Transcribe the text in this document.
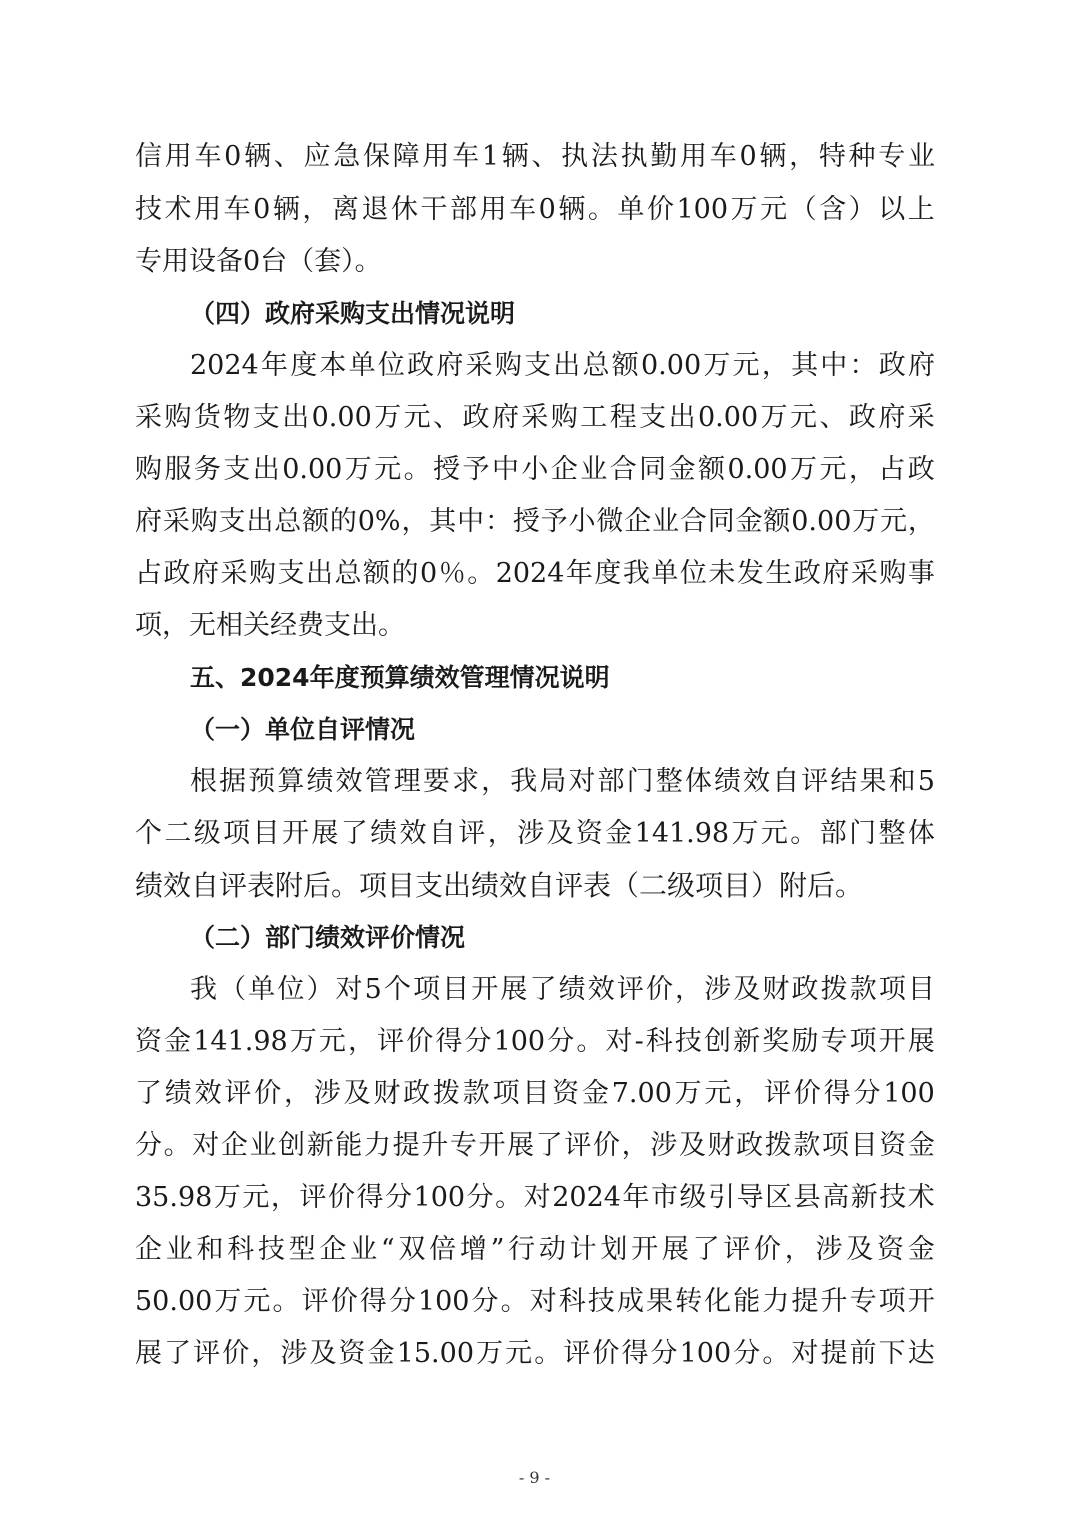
信 用 车 0 辆 、 应 急 保 障 用 车 1 辆 、 执 法 执 勤 用 车 0 辆 ， 特 种 专 业
技 术 用 车 0 辆 ， 离 退 休 干 部 用 车 0 辆 。 单 价 100 万 元 （ 含 ） 以 上
专用设备0台（套）。
（四）政府采购支出情况说明
2024 年 度 本 单 位 政 府 采 购 支 出 总 额 0.00 万 元 ， 其 中 ： 政 府
采 购 货 物 支 出 0.00 万 元 、 政 府 采 购 工 程 支 出 0.00 万 元 、 政 府 采
购 服 务 支 出 0.00 万 元 。 授 予 中 小 企 业 合 同 金 额 0.00 万 元 ， 占 政
府 采 购 支 出 总 额 的 0% ， 其 中 ： 授 予 小 微 企 业 合 同 金 额 0.00 万 元 ，
占 政 府 采 购 支 出 总 额 的 0 ％ 。 2024 年 度 我 单 位 未 发 生 政 府 采 购 事
项，无相关经费支出。
五、2024年度预算绩效管理情况说明
（一）单位自评情况
根 据 预 算 绩 效 管 理 要 求 ， 我 局 对 部 门 整 体 绩 效 自 评 结 果 和 5
个 二 级 项 目 开 展 了 绩 效 自 评 ， 涉 及 资 金 141.98 万 元 。 部 门 整 体
绩效自评表附后。项目支出绩效自评表（二级项目）附后。
（二）部门绩效评价情况
我 （ 单 位 ） 对 5 个 项 目 开 展 了 绩 效 评 价 ， 涉 及 财 政 拨 款 项 目
资 金 141.98 万 元 ， 评 价 得 分 100 分 。 对 - 科 技 创 新 奖 励 专 项 开 展
了 绩 效 评 价 ， 涉 及 财 政 拨 款 项 目 资 金 7.00 万 元 ， 评 价 得 分 100
分 。 对 企 业 创 新 能 力 提 升 专 开 展 了 评 价 ， 涉 及 财 政 拨 款 项 目 资 金
35.98 万 元 ， 评 价 得 分 100 分 。 对 2024 年 市 级 引 导 区 县 高 新 技 术
企 业 和 科 技 型 企 业 “ 双 倍 增 ” 行 动 计 划 开 展 了 评 价 ， 涉 及 资 金
50.00 万 元 。 评 价 得 分 100 分 。 对 科 技 成 果 转 化 能 力 提 升 专 项 开
展 了 评 价 ， 涉 及 资 金 15.00 万 元 。 评 价 得 分 100 分 。 对 提 前 下 达
- 9 -
